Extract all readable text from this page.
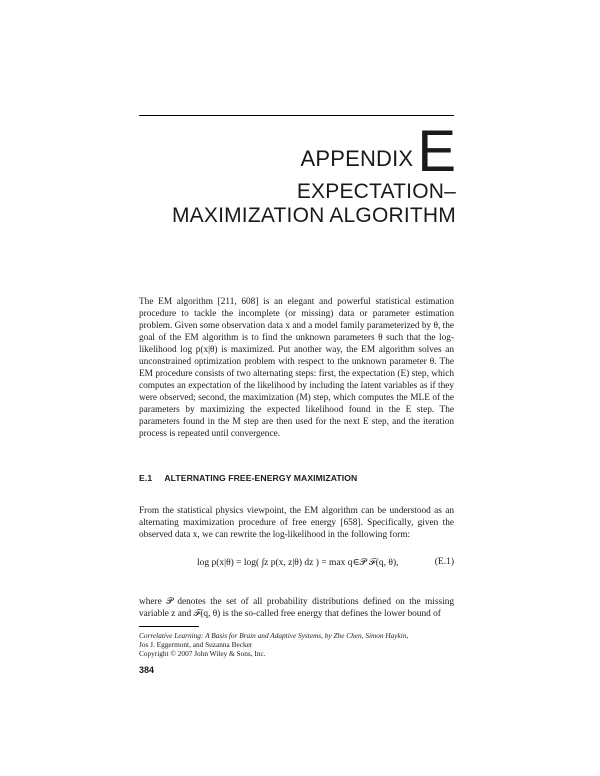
APPENDIX E
EXPECTATION–
MAXIMIZATION ALGORITHM
The EM algorithm [211, 608] is an elegant and powerful statistical estimation procedure to tackle the incomplete (or missing) data or parameter estimation problem. Given some observation data x and a model family parameterized by θ, the goal of the EM algorithm is to find the unknown parameters θ such that the log-likelihood log p(x|θ) is maximized. Put another way, the EM algorithm solves an unconstrained optimization problem with respect to the unknown parameter θ. The EM procedure consists of two alternating steps: first, the expectation (E) step, which computes an expectation of the likelihood by including the latent variables as if they were observed; second, the maximization (M) step, which computes the MLE of the parameters by maximizing the expected likelihood found in the E step. The parameters found in the M step are then used for the next E step, and the iteration process is repeated until convergence.
E.1 ALTERNATING FREE-ENERGY MAXIMIZATION
From the statistical physics viewpoint, the EM algorithm can be understood as an alternating maximization procedure of free energy [658]. Specifically, given the observed data x, we can rewrite the log-likelihood in the following form:
log p(x|θ) = log( ∫z p(x, z|θ) dz ) = max q∈𝒫 ℱ(q, θ),	(E.1)
where 𝒫 denotes the set of all probability distributions defined on the missing variable z and ℱ(q, θ) is the so-called free energy that defines the lower bound of
Correlative Learning: A Basis for Brain and Adaptive Systems, by Zhe Chen, Simon Haykin,
Jos J. Eggermont, and Suzanna Becker
Copyright © 2007 John Wiley & Sons, Inc.
384
